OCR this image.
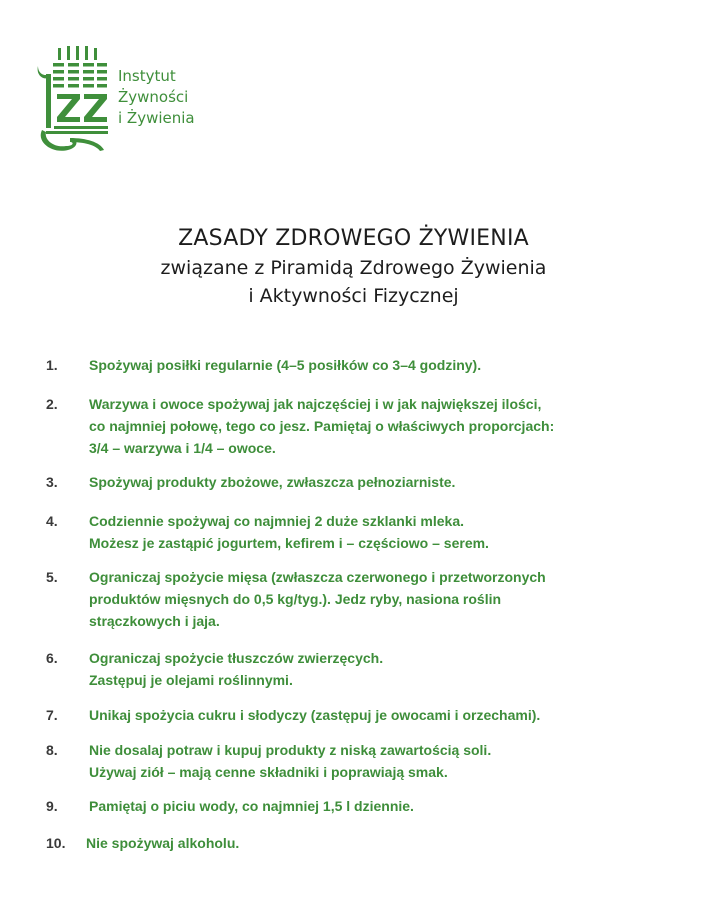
Instytut
Żywności
i Żywienia
ZASADY ZDROWEGO ŻYWIENIA
związane z Piramidą Zdrowego Żywienia
i Aktywności Fizycznej
1. Spożywaj posiłki regularnie (4–5 posiłków co 3–4 godziny).
2. Warzywa i owoce spożywaj jak najczęściej i w jak największej ilości,
co najmniej połowę, tego co jesz. Pamiętaj o właściwych proporcjach:
3/4 – warzywa i 1/4 – owoce.
3. Spożywaj produkty zbożowe, zwłaszcza pełnoziarniste.
4. Codziennie spożywaj co najmniej 2 duże szklanki mleka.
Możesz je zastąpić jogurtem, kefirem i – częściowo – serem.
5. Ograniczaj spożycie mięsa (zwłaszcza czerwonego i przetworzonych
produktów mięsnych do 0,5 kg/tyg.). Jedz ryby, nasiona roślin
strączkowych i jaja.
6. Ograniczaj spożycie tłuszczów zwierzęcych.
Zastępuj je olejami roślinnymi.
7. Unikaj spożycia cukru i słodyczy (zastępuj je owocami i orzechami).
8. Nie dosalaj potraw i kupuj produkty z niską zawartością soli.
Używaj ziół – mają cenne składniki i poprawiają smak.
9. Pamiętaj o piciu wody, co najmniej 1,5 l dziennie.
10. Nie spożywaj alkoholu.
